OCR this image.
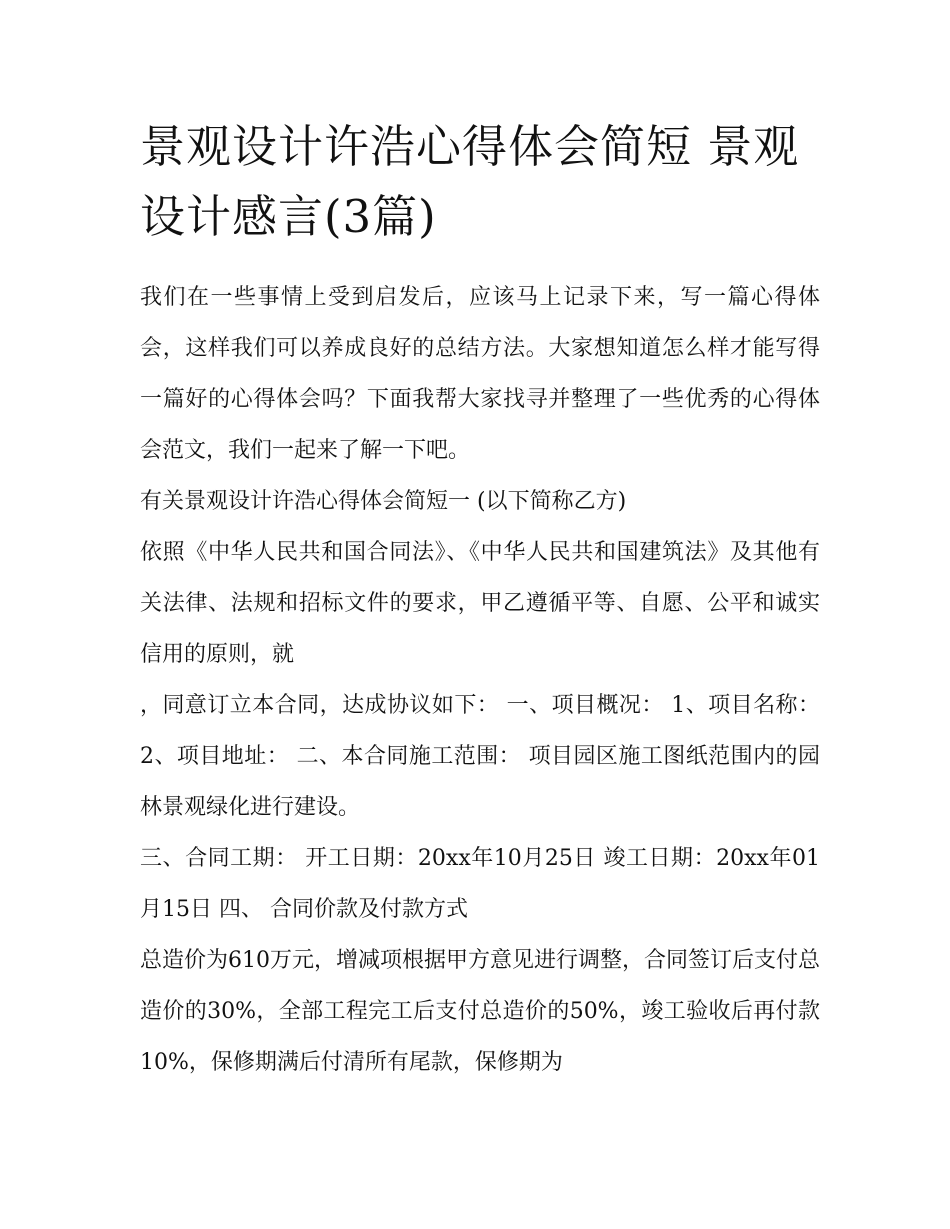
景观设计许浩心得体会简短 景观设计感言(3篇)

我们在一些事情上受到启发后，应该马上记录下来，写一篇心得体会，这样我们可以养成良好的总结方法。大家想知道怎么样才能写得一篇好的心得体会吗？下面我帮大家找寻并整理了一些优秀的心得体会范文，我们一起来了解一下吧。

有关景观设计许浩心得体会简短一 (以下简称乙方)

依照《中华人民共和国合同法》、《中华人民共和国建筑法》及其他有关法律、法规和招标文件的要求，甲乙遵循平等、自愿、公平和诚实信用的原则，就

，同意订立本合同，达成协议如下： 一、项目概况： 1、项目名称： 2、项目地址： 二、本合同施工范围： 项目园区施工图纸范围内的园林景观绿化进行建设。

三、合同工期： 开工日期：20xx年10月25日 竣工日期：20xx年01月15日 四、 合同价款及付款方式

总造价为610万元，增减项根据甲方意见进行调整，合同签订后支付总造价的30%，全部工程完工后支付总造价的50%，竣工验收后再付款10%，保修期满后付清所有尾款，保修期为
